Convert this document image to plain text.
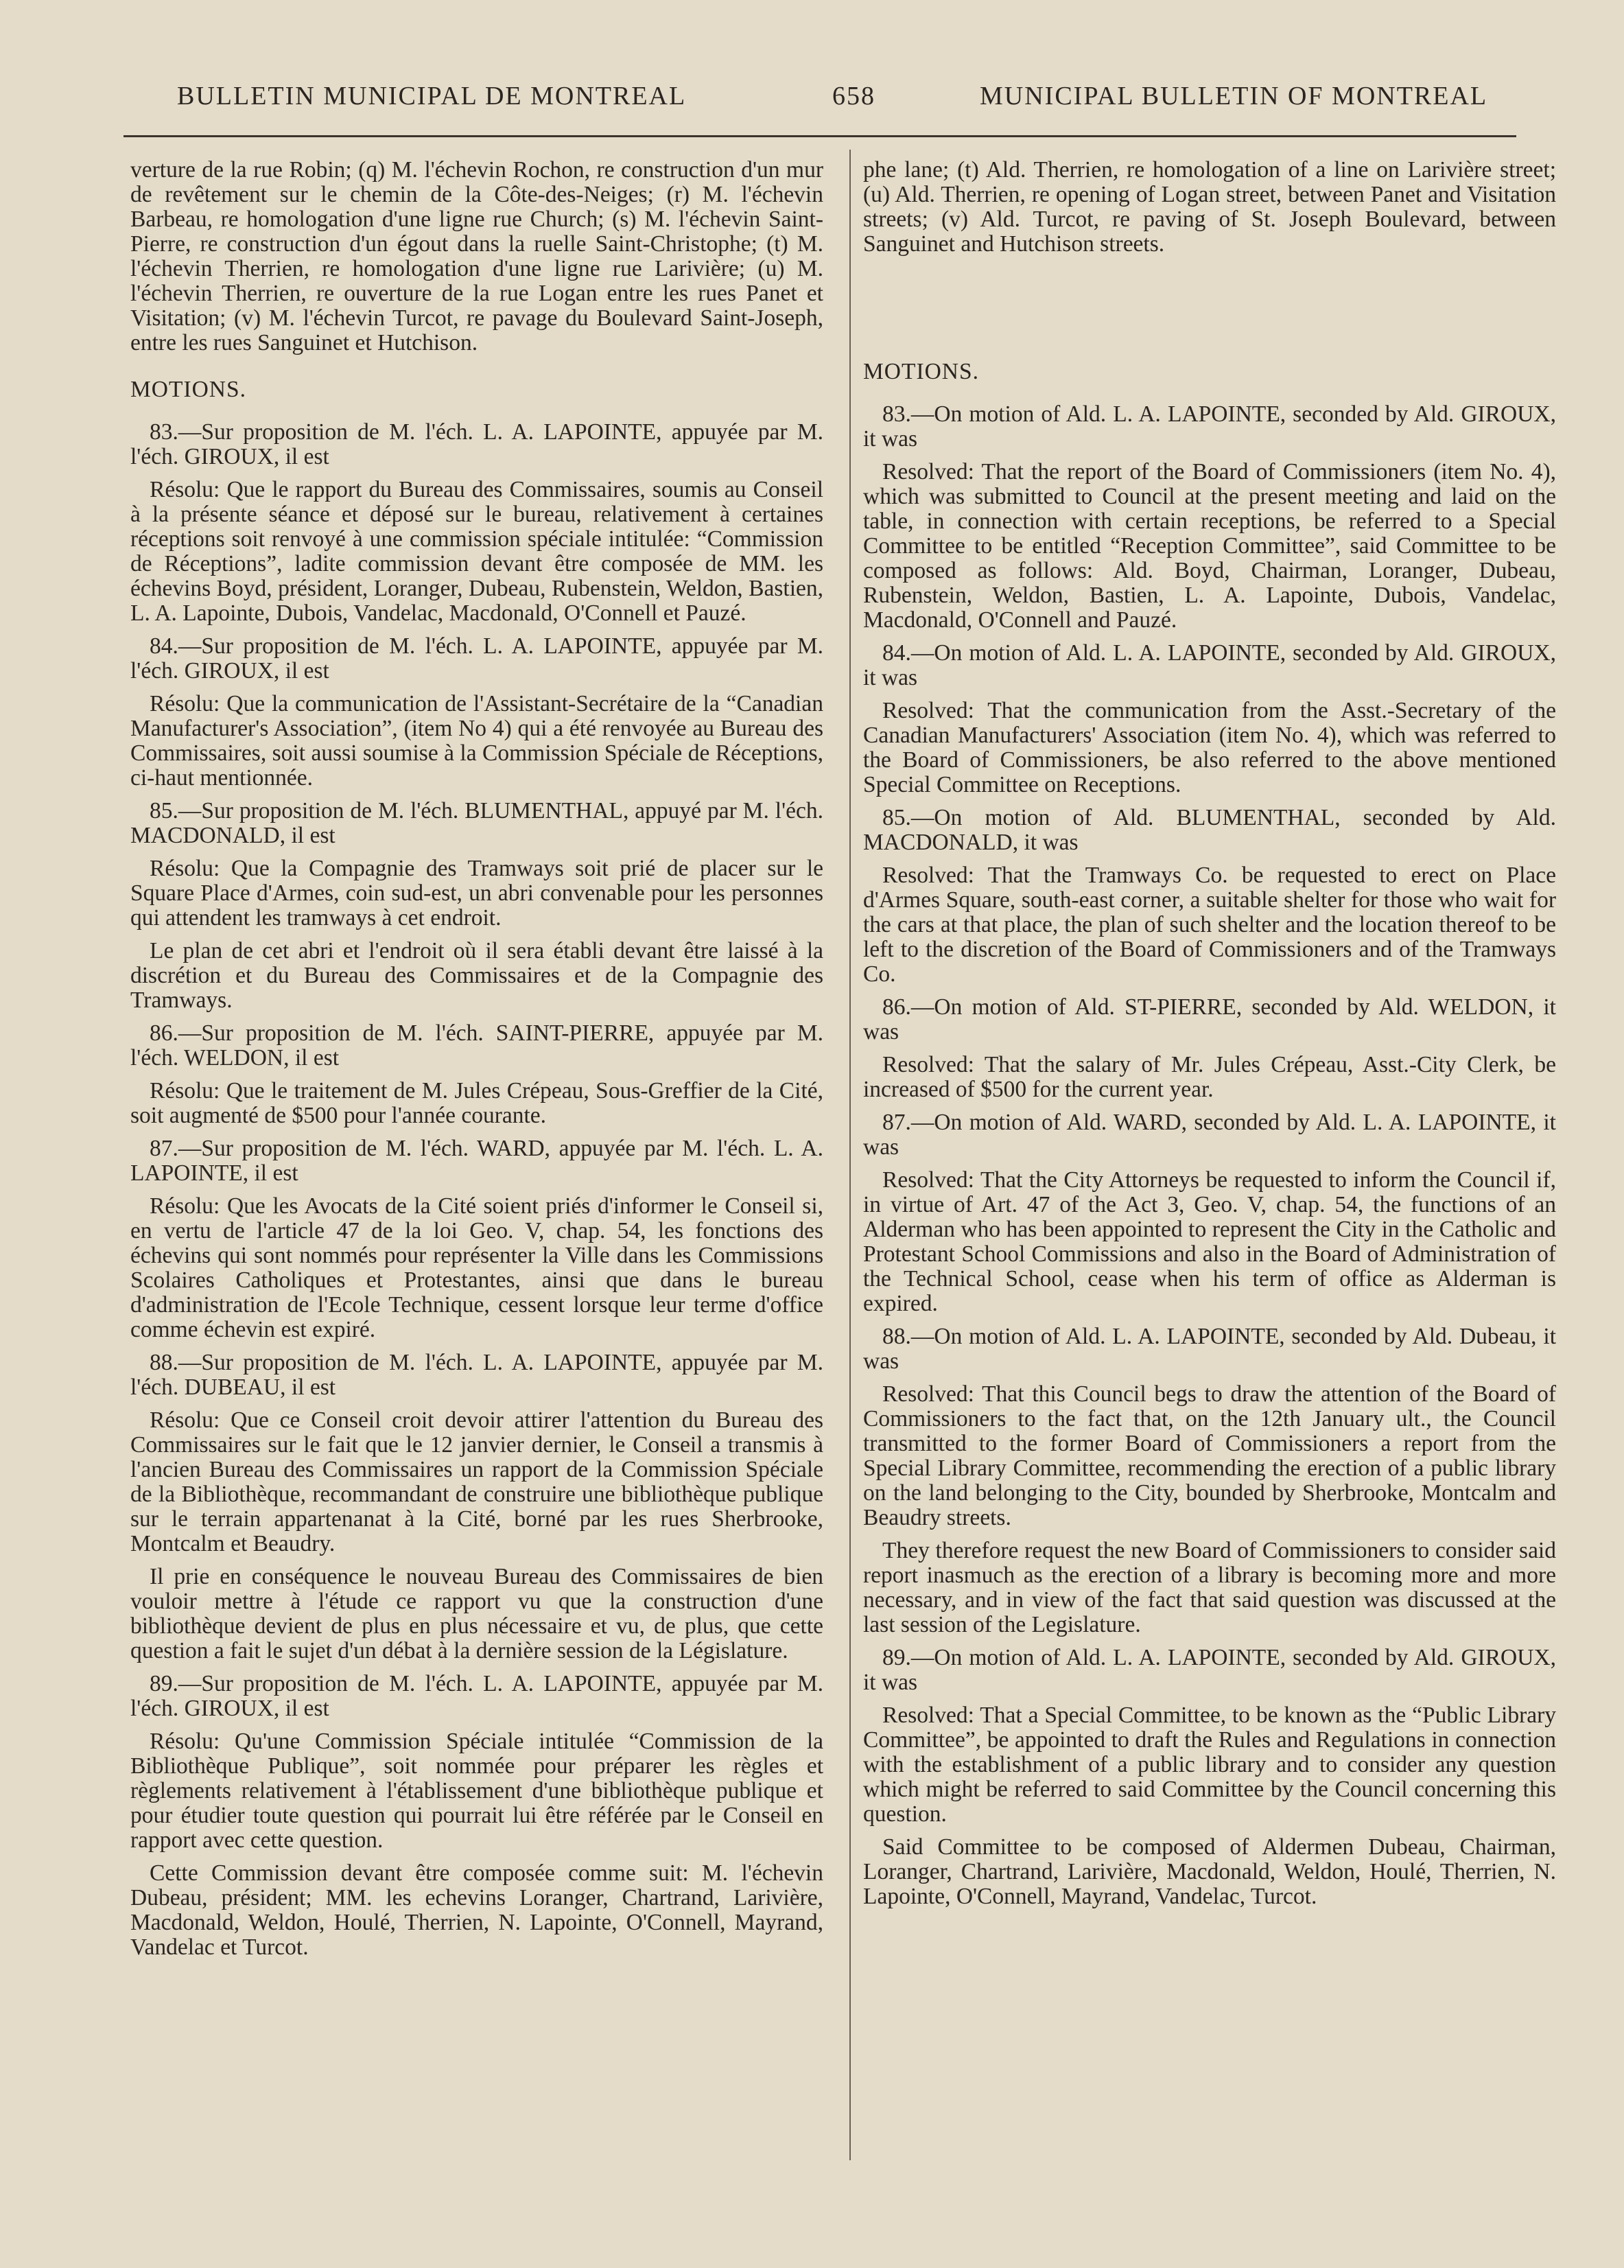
BULLETIN MUNICIPAL DE MONTREAL	658	MUNICIPAL BULLETIN OF MONTREAL

verture de la rue Robin; (q) M. l'échevin Rochon, re construction d'un mur de revêtement sur le chemin de la Côte-des-Neiges; (r) M. l'échevin Barbeau, re homologation d'une ligne rue Church; (s) M. l'échevin Saint-Pierre, re construction d'un égout dans la ruelle Saint-Christophe; (t) M. l'échevin Therrien, re homologation d'une ligne rue Larivière; (u) M. l'échevin Therrien, re ouverture de la rue Logan entre les rues Panet et Visitation; (v) M. l'échevin Turcot, re pavage du Boulevard Saint-Joseph, entre les rues Sanguinet et Hutchison.

MOTIONS.

83.—Sur proposition de M. l'éch. L. A. LAPOINTE, appuyée par M. l'éch. GIROUX, il est

Résolu: Que le rapport du Bureau des Commissaires, soumis au Conseil à la présente séance et déposé sur le bureau, relativement à certaines réceptions soit renvoyé à une commission spéciale intitulée: “Commission de Réceptions”, ladite commission devant être composée de MM. les échevins Boyd, président, Loranger, Dubeau, Rubenstein, Weldon, Bastien, L. A. Lapointe, Dubois, Vandelac, Macdonald, O'Connell et Pauzé.

84.—Sur proposition de M. l'éch. L. A. LAPOINTE, appuyée par M. l'éch. GIROUX, il est

Résolu: Que la communication de l'Assistant-Secrétaire de la “Canadian Manufacturer's Association”, (item No 4) qui a été renvoyée au Bureau des Commissaires, soit aussi soumise à la Commission Spéciale de Réceptions, ci-haut mentionnée.

85.—Sur proposition de M. l'éch. BLUMENTHAL, appuyé par M. l'éch. MACDONALD, il est

Résolu: Que la Compagnie des Tramways soit prié de placer sur le Square Place d'Armes, coin sud-est, un abri convenable pour les personnes qui attendent les tramways à cet endroit.

Le plan de cet abri et l'endroit où il sera établi devant être laissé à la discrétion et du Bureau des Commissaires et de la Compagnie des Tramways.

86.—Sur proposition de M. l'éch. SAINT-PIERRE, appuyée par M. l'éch. WELDON, il est

Résolu: Que le traitement de M. Jules Crépeau, Sous-Greffier de la Cité, soit augmenté de $500 pour l'année courante.

87.—Sur proposition de M. l'éch. WARD, appuyée par M. l'éch. L. A. LAPOINTE, il est

Résolu: Que les Avocats de la Cité soient priés d'informer le Conseil si, en vertu de l'article 47 de la loi Geo. V, chap. 54, les fonctions des échevins qui sont nommés pour représenter la Ville dans les Commissions Scolaires Catholiques et Protestantes, ainsi que dans le bureau d'administration de l'Ecole Technique, cessent lorsque leur terme d'office comme échevin est expiré.

88.—Sur proposition de M. l'éch. L. A. LAPOINTE, appuyée par M. l'éch. DUBEAU, il est

Résolu: Que ce Conseil croit devoir attirer l'attention du Bureau des Commissaires sur le fait que le 12 janvier dernier, le Conseil a transmis à l'ancien Bureau des Commissaires un rapport de la Commission Spéciale de la Bibliothèque, recommandant de construire une bibliothèque publique sur le terrain appartenanat à la Cité, borné par les rues Sherbrooke, Montcalm et Beaudry.

Il prie en conséquence le nouveau Bureau des Commissaires de bien vouloir mettre à l'étude ce rapport vu que la construction d'une bibliothèque devient de plus en plus nécessaire et vu, de plus, que cette question a fait le sujet d'un débat à la dernière session de la Législature.

89.—Sur proposition de M. l'éch. L. A. LAPOINTE, appuyée par M. l'éch. GIROUX, il est

Résolu: Qu'une Commission Spéciale intitulée “Commission de la Bibliothèque Publique”, soit nommée pour préparer les règles et règlements relativement à l'établissement d'une bibliothèque publique et pour étudier toute question qui pourrait lui être référée par le Conseil en rapport avec cette question.

Cette Commission devant être composée comme suit: M. l'échevin Dubeau, président; MM. les echevins Loranger, Chartrand, Larivière, Macdonald, Weldon, Houlé, Therrien, N. Lapointe, O'Connell, Mayrand, Vandelac et Turcot.

phe lane; (t) Ald. Therrien, re homologation of a line on Larivière street; (u) Ald. Therrien, re opening of Logan street, between Panet and Visitation streets; (v) Ald. Turcot, re paving of St. Joseph Boulevard, between Sanguinet and Hutchison streets.

MOTIONS.

83.—On motion of Ald. L. A. LAPOINTE, seconded by Ald. GIROUX, it was

Resolved: That the report of the Board of Commissioners (item No. 4), which was submitted to Council at the present meeting and laid on the table, in connection with certain receptions, be referred to a Special Committee to be entitled “Reception Committee”, said Committee to be composed as follows: Ald. Boyd, Chairman, Loranger, Dubeau, Rubenstein, Weldon, Bastien, L. A. Lapointe, Dubois, Vandelac, Macdonald, O'Connell and Pauzé.

84.—On motion of Ald. L. A. LAPOINTE, seconded by Ald. GIROUX, it was

Resolved: That the communication from the Asst.-Secretary of the Canadian Manufacturers' Association (item No. 4), which was referred to the Board of Commissioners, be also referred to the above mentioned Special Committee on Receptions.

85.—On motion of Ald. BLUMENTHAL, seconded by Ald. MACDONALD, it was

Resolved: That the Tramways Co. be requested to erect on Place d'Armes Square, south-east corner, a suitable shelter for those who wait for the cars at that place, the plan of such shelter and the location thereof to be left to the discretion of the Board of Commissioners and of the Tramways Co.

86.—On motion of Ald. ST-PIERRE, seconded by Ald. WELDON, it was

Resolved: That the salary of Mr. Jules Crépeau, Asst.-City Clerk, be increased of $500 for the current year.

87.—On motion of Ald. WARD, seconded by Ald. L. A. LAPOINTE, it was

Resolved: That the City Attorneys be requested to inform the Council if, in virtue of Art. 47 of the Act 3, Geo. V, chap. 54, the functions of an Alderman who has been appointed to represent the City in the Catholic and Protestant School Commissions and also in the Board of Administration of the Technical School, cease when his term of office as Alderman is expired.

88.—On motion of Ald. L. A. LAPOINTE, seconded by Ald. Dubeau, it was

Resolved: That this Council begs to draw the attention of the Board of Commissioners to the fact that, on the 12th January ult., the Council transmitted to the former Board of Commissioners a report from the Special Library Committee, recommending the erection of a public library on the land belonging to the City, bounded by Sherbrooke, Montcalm and Beaudry streets.

They therefore request the new Board of Commissioners to consider said report inasmuch as the erection of a library is becoming more and more necessary, and in view of the fact that said question was discussed at the last session of the Legislature.

89.—On motion of Ald. L. A. LAPOINTE, seconded by Ald. GIROUX, it was

Resolved: That a Special Committee, to be known as the “Public Library Committee”, be appointed to draft the Rules and Regulations in connection with the establishment of a public library and to consider any question which might be referred to said Committee by the Council concerning this question.

Said Committee to be composed of Aldermen Dubeau, Chairman, Loranger, Chartrand, Larivière, Macdonald, Weldon, Houlé, Therrien, N. Lapointe, O'Connell, Mayrand, Vandelac, Turcot.
